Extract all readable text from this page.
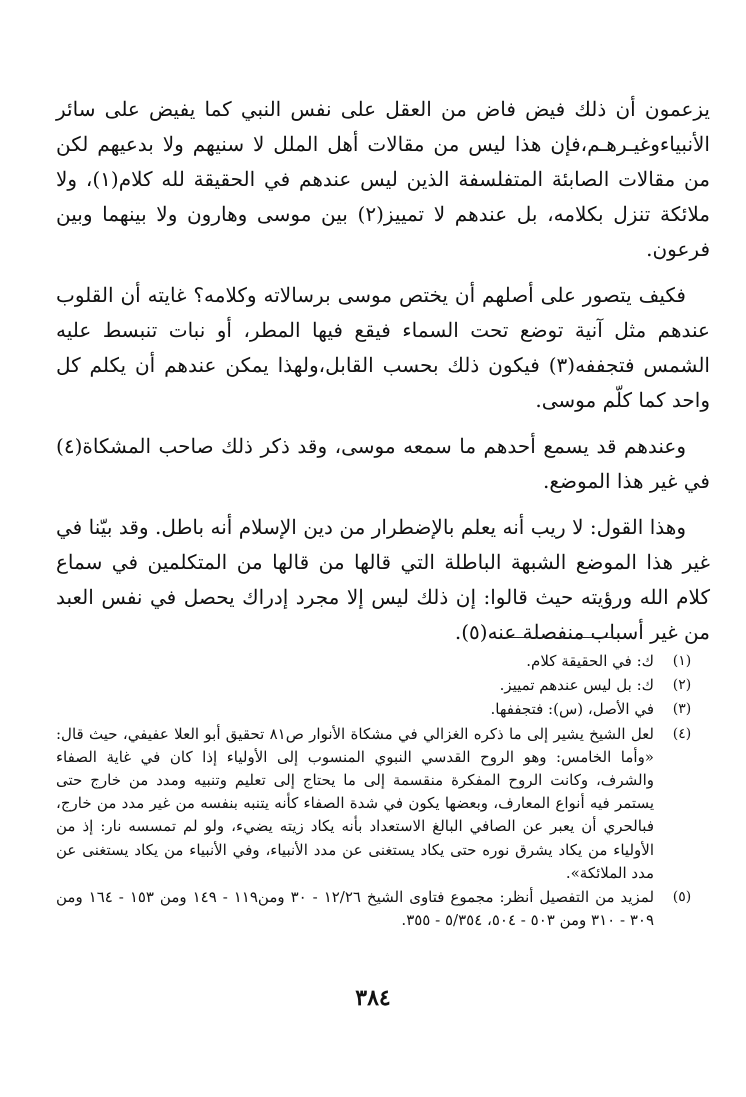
يزعمون أن ذلك فيض فاض من العقل على نفس النبي كما يفيض على سائر الأنبياءوغيـرهـم،فإن هذا ليس من مقالات أهل الملل لا سنيهم ولا بدعيهم لكن من مقالات الصابئة المتفلسفة الذين ليس عندهم في الحقيقة لله كلام(١)، ولا ملائكة تنزل بكلامه، بل عندهم لا تمييز(٢) بين موسى وهارون ولا بينهما وبين فرعون.

فكيف يتصور على أصلهم أن يختص موسى برسالاته وكلامه؟ غايته أن القلوب عندهم مثل آنية توضع تحت السماء فيقع فيها المطر، أو نبات تنبسط عليه الشمس فتجففه(٣) فيكون ذلك بحسب القابل،ولهذا يمكن عندهم أن يكلم كل واحد كما كلّم موسى.

وعندهم قد يسمع أحدهم ما سمعه موسى، وقد ذكر ذلك صاحب المشكاة(٤) في غير هذا الموضع.

وهذا القول: لا ريب أنه يعلم بالإضطرار من دين الإسلام أنه باطل. وقد بيّنا في غير هذا الموضع الشبهة الباطلة التي قالها من قالها من المتكلمين في سماع كلام الله ورؤيته حيث قالوا: إن ذلك ليس إلا مجرد إدراك يحصل في نفس العبد من غير أسباب منفصلة عنه(٥).

(١)
ك: في الحقيقة كلام.
(٢)
ك: بل ليس عندهم تمييز.
(٣)
في الأصل، (س): فتجففها.
(٤)
لعل الشيخ يشير إلى ما ذكره الغزالي في مشكاة الأنوار ص٨١ تحقيق أبو العلا عفيفي، حيث قال: «وأما الخامس: وهو الروح القدسي النبوي المنسوب إلى الأولياء إذا كان في غاية الصفاء والشرف، وكانت الروح المفكرة منقسمة إلى ما يحتاج إلى تعليم وتنبيه ومدد من خارج حتى يستمر فيه أنواع المعارف، وبعضها يكون في شدة الصفاء كأنه يتنبه بنفسه من غير مدد من خارج، فبالحري أن يعبر عن الصافي البالغ الاستعداد بأنه يكاد زيته يضيء، ولو لم تمسسه نار: إذ من الأولياء من يكاد يشرق نوره حتى يكاد يستغنى عن مدد الأنبياء، وفي الأنبياء من يكاد يستغنى عن مدد الملائكة».
(٥)
لمزيد من التفصيل أنظر: مجموع فتاوى الشيخ ١٢/٢٦ - ٣٠ ومن١١٩ - ١٤٩ ومن ١٥٣ - ١٦٤ ومن ٣٠٩ - ٣١٠ ومن ٥٠٣ - ٥٠٤، ٥/٣٥٤ - ٣٥٥.
٣٨٤
